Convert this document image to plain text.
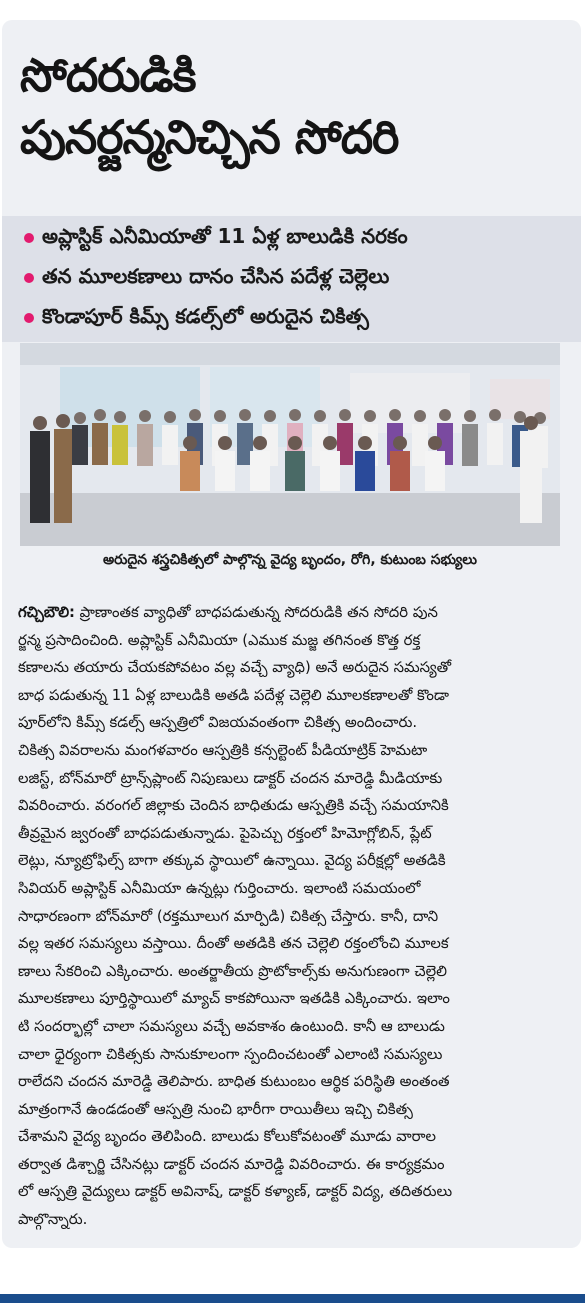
సోదరుడికి
పునర్జన్మనిచ్చిన సోదరి
అప్లాస్టిక్ ఎనీమియాతో 11 ఏళ్ల బాలుడికి నరకం
తన మూలకణాలు దానం చేసిన పదేళ్ల చెల్లెలు
కొండాపూర్ కిమ్స్ కడల్స్‌లో అరుదైన చికిత్స
అరుదైన శస్త్రచికిత్సలో పాల్గొన్న వైద్య బృందం, రోగి, కుటుంబ సభ్యులు
గచ్చిబౌలి: ప్రాణాంతక వ్యాధితో బాధపడుతున్న సోదరుడికి తన సోదరి పున
ర్జన్మ ప్రసాదించింది. అప్లాస్టిక్ ఎనీమియా (ఎముక మజ్జ తగినంత కొత్త రక్త
కణాలను తయారు చేయకపోవటం వల్ల వచ్చే వ్యాధి) అనే అరుదైన సమస్యతో
బాధ పడుతున్న 11 ఏళ్ల బాలుడికి అతడి పదేళ్ల చెల్లెలి మూలకణాలతో కొండా
పూర్‌లోని కిమ్స్ కడల్స్ ఆస్పత్రిలో విజయవంతంగా చికిత్స అందించారు.
చికిత్స వివరాలను మంగళవారం ఆస్పత్రికి కన్సల్టెంట్ పీడియాట్రిక్ హెమటా
లజిస్ట్, బోన్‌మారో ట్రాన్స్‌ప్లాంట్ నిపుణులు డాక్టర్ చందన మారెడ్డి మీడియాకు
వివరించారు. వరంగల్ జిల్లాకు చెందిన బాధితుడు ఆస్పత్రికి వచ్చే సమయానికి
తీవ్రమైన జ్వరంతో బాధపడుతున్నాడు. పైపెచ్చు రక్తంలో హిమోగ్లోబిన్, ప్లేట్
లెట్లు, న్యూట్రోఫిల్స్ బాగా తక్కువ స్థాయిలో ఉన్నాయి. వైద్య పరీక్షల్లో అతడికి
సివియర్ అప్లాస్టిక్ ఎనీమియా ఉన్నట్లు గుర్తించారు. ఇలాంటి సమయంలో
సాధారణంగా బోన్‌మారో (రక్తమూలుగ మార్పిడి) చికిత్స చేస్తారు. కానీ, దాని
వల్ల ఇతర సమస్యలు వస్తాయి. దీంతో అతడికి తన చెల్లెలి రక్తంలోంచి మూలక
ణాలు సేకరించి ఎక్కించారు. అంతర్జాతీయ ప్రొటోకాల్స్‌కు అనుగుణంగా చెల్లెలి
మూలకణాలు పూర్తిస్థాయిలో మ్యాచ్ కాకపోయినా ఇతడికి ఎక్కించారు. ఇలాం
టి సందర్భాల్లో చాలా సమస్యలు వచ్చే అవకాశం ఉంటుంది. కానీ ఆ బాలుడు
చాలా ధైర్యంగా చికిత్సకు సానుకూలంగా స్పందించటంతో ఎలాంటి సమస్యలు
రాలేదని చందన మారెడ్డి తెలిపారు. బాధిత కుటుంబం ఆర్థిక పరిస్థితి అంతంత
మాత్రంగానే ఉండడంతో ఆస్పత్రి నుంచి భారీగా రాయితీలు ఇచ్చి చికిత్స
చేశామని వైద్య బృందం తెలిపింది. బాలుడు కోలుకోవటంతో మూడు వారాల
తర్వాత డిశ్చార్జి చేసినట్లు డాక్టర్ చందన మారెడ్డి వివరించారు. ఈ కార్యక్రమం
లో ఆస్పత్రి వైద్యులు డాక్టర్ అవినాష్, డాక్టర్ కళ్యాణ్, డాక్టర్ విద్య, తదితరులు
పాల్గొన్నారు.
